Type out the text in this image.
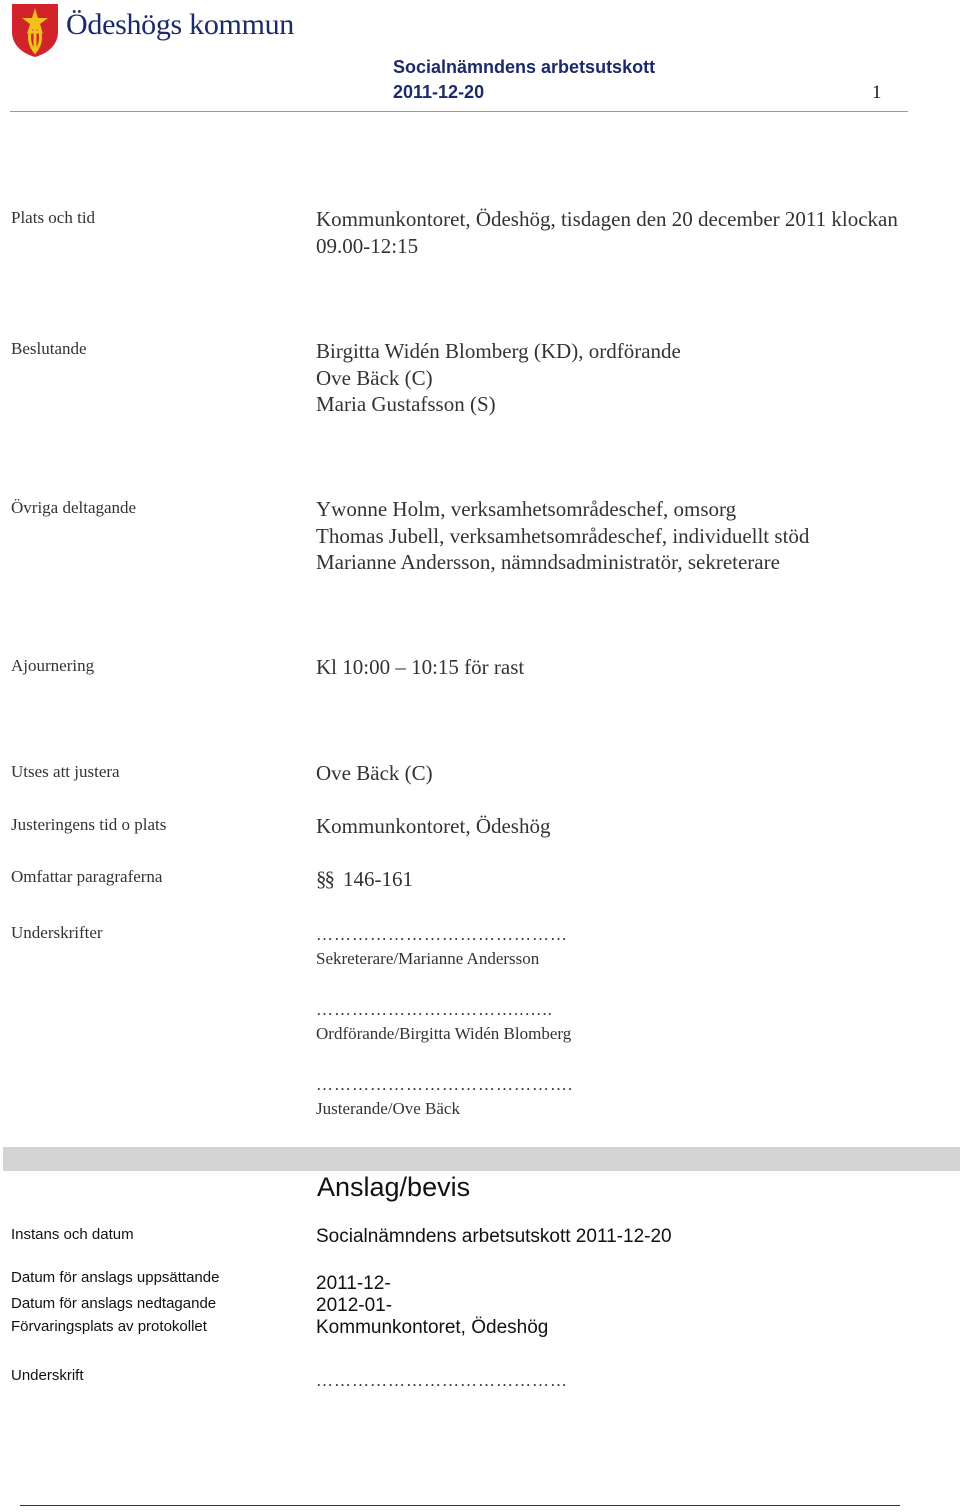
Ödeshögs kommun
Socialnämndens arbetsutskott
2011-12-20	1
Plats och tid	Kommunkontoret, Ödeshög, tisdagen den 20 december 2011 klockan
09.00-12:15
Beslutande	Birgitta Widén Blomberg (KD), ordförande
Ove Bäck (C)
Maria Gustafsson (S)
Övriga deltagande	Ywonne Holm, verksamhetsområdeschef, omsorg
Thomas Jubell, verksamhetsområdeschef, individuellt stöd
Marianne Andersson, nämndsadministratör, sekreterare
Ajournering	Kl 10:00 – 10:15 för rast
Utses att justera	Ove Bäck (C)
Justeringens tid o plats	Kommunkontoret, Ödeshög
Omfattar paragraferna	§§ 146-161
Underskrifter	……………………………………
Sekreterare/Marianne Andersson
……………………………..…..
Ordförande/Birgitta Widén Blomberg
…………………………………….
Justerande/Ove Bäck
Anslag/bevis
Instans och datum	Socialnämndens arbetsutskott 2011-12-20
Datum för anslags uppsättande	2011-12-
Datum för anslags nedtagande	2012-01-
Förvaringsplats av protokollet	Kommunkontoret, Ödeshög
Underskrift	……………………………………
